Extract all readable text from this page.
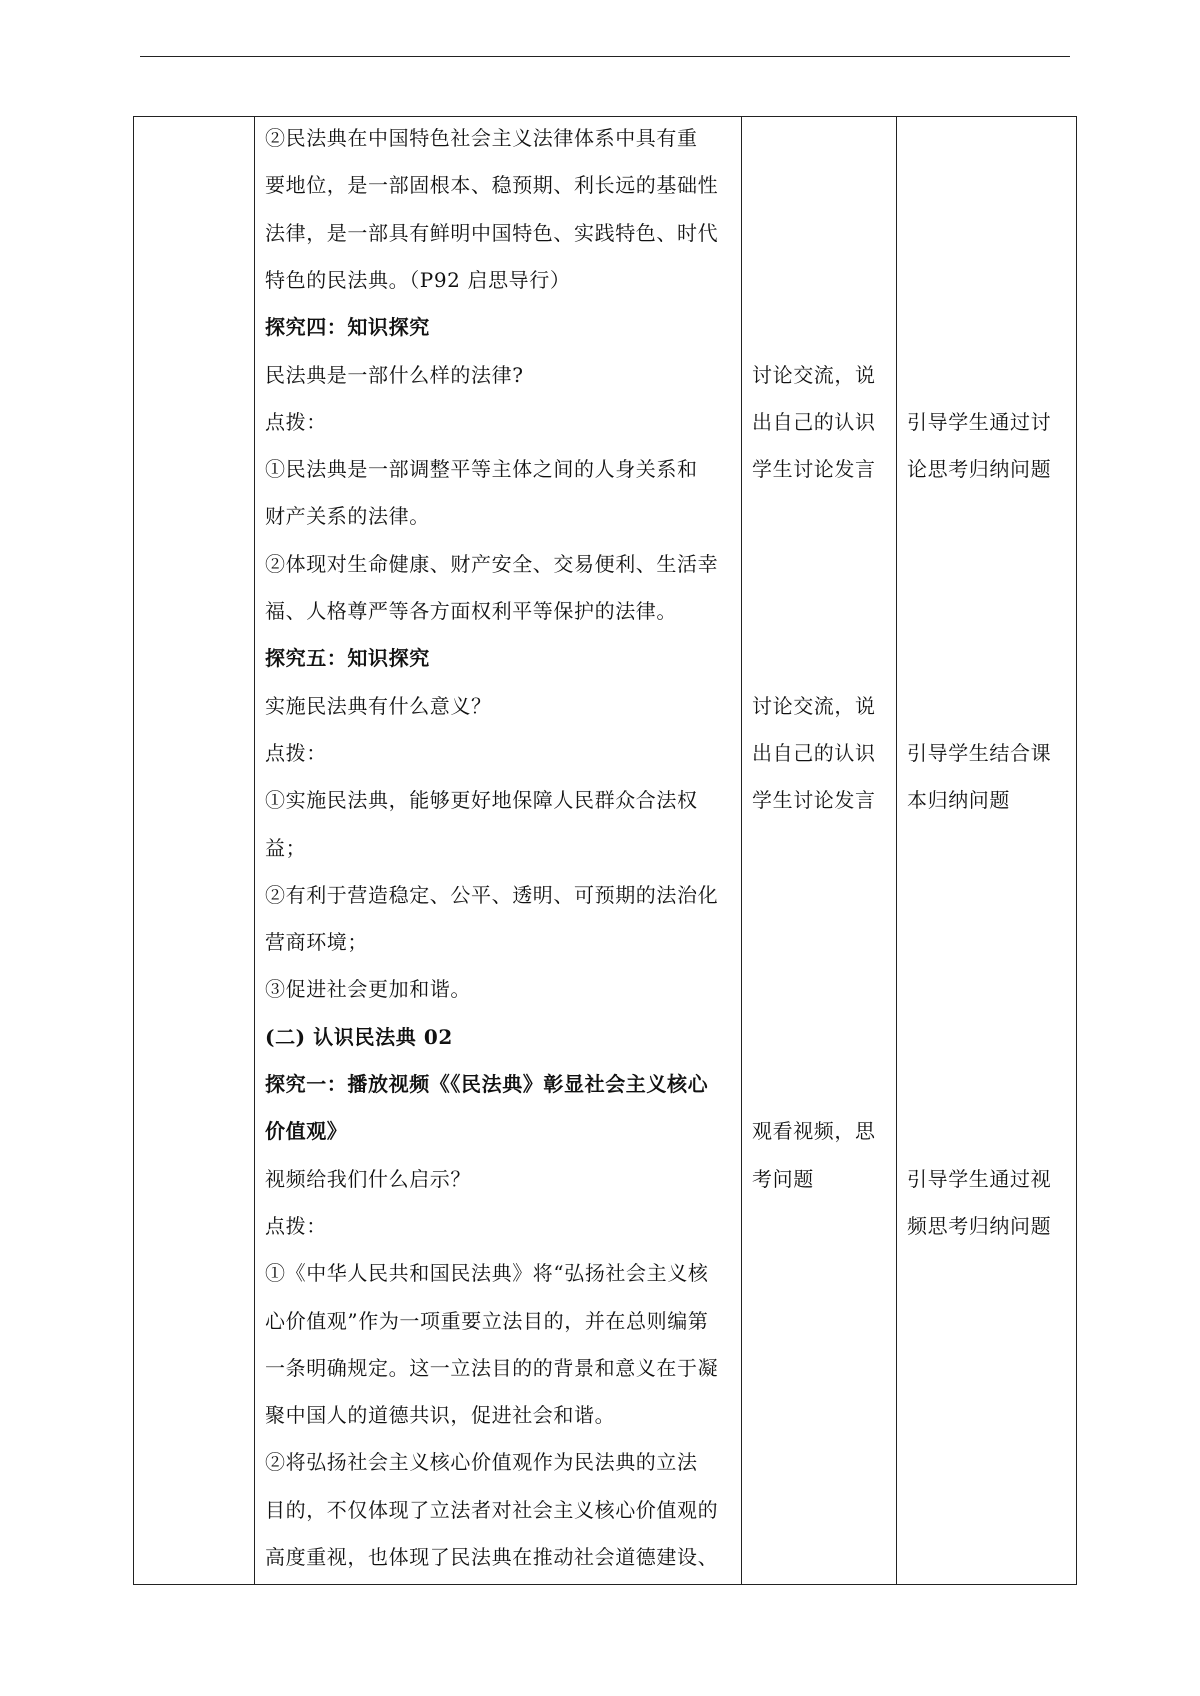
②民法典在中国特色社会主义法律体系中具有重
要地位，是一部固根本、稳预期、利长远的基础性
法律，是一部具有鲜明中国特色、实践特色、时代
特色的民法典。（P92 启思导行）
探究四：知识探究
民法典是一部什么样的法律?
点拨：
①民法典是一部调整平等主体之间的人身关系和
财产关系的法律。
②体现对生命健康、财产安全、交易便利、生活幸
福、人格尊严等各方面权利平等保护的法律。
探究五：知识探究
实施民法典有什么意义？
点拨：
①实施民法典，能够更好地保障人民群众合法权
益；
②有利于营造稳定、公平、透明、可预期的法治化
营商环境；
③促进社会更加和谐。
(二) 认识民法典 02
探究一：播放视频《《民法典》彰显社会主义核心
价值观》
视频给我们什么启示？
点拨：
①《中华人民共和国民法典》将“弘扬社会主义核
心价值观”作为一项重要立法目的，并在总则编第
一条明确规定。这一立法目的的背景和意义在于凝
聚中国人的道德共识，促进社会和谐。
②将弘扬社会主义核心价值观作为民法典的立法
目的，不仅体现了立法者对社会主义核心价值观的
高度重视，也体现了民法典在推动社会道德建设、
讨论交流，说
出自己的认识
学生讨论发言
讨论交流，说
出自己的认识
学生讨论发言
观看视频，思
考问题
引导学生通过讨
论思考归纳问题
引导学生结合课
本归纳问题
引导学生通过视
频思考归纳问题
